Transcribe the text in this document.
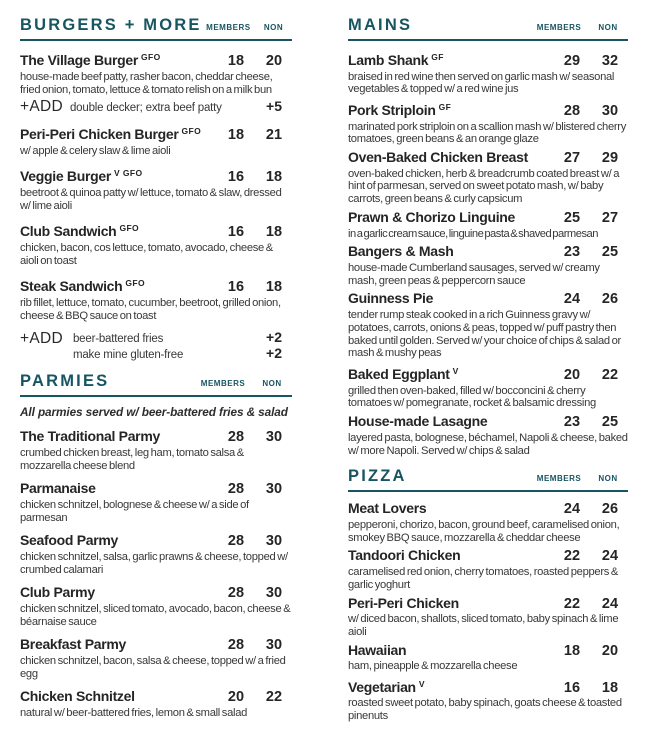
BURGERS + MORE MEMBERS	NON
The Village Burger $^{GFO}$	18	20
house-made beef patty, rasher bacon, cheddar cheese, fried onion, tomato, lettuce & tomato relish on a milk bun
+ADD double decker; extra beef patty	+5
Peri-Peri Chicken Burger $^{GFO}$	18	21
w/ apple & celery slaw & lime aioli
Veggie Burger $^{V GFO}$	16	18
beetroot & quinoa patty w/ lettuce, tomato & slaw, dressed w/ lime aioli
Club Sandwich $^{GFO}$	16	18
chicken, bacon, cos lettuce, tomato, avocado, cheese & aioli on toast
Steak Sandwich $^{GFO}$	16	18
rib fillet, lettuce, tomato, cucumber, beetroot, grilled onion, cheese & BBQ sauce on toast
+ADD beer-battered fries	+2
make mine gluten-free	+2
PARMIES	MEMBERS	NON
All parmies served w/ beer-battered fries & salad
The Traditional Parmy	28	30
crumbed chicken breast, leg ham, tomato salsa & mozzarella cheese blend
Parmanaise	28	30
chicken schnitzel, bolognese & cheese w/ a side of parmesan
Seafood Parmy	28	30
chicken schnitzel, salsa, garlic prawns & cheese, topped w/ crumbed calamari
Club Parmy	28	30
chicken schnitzel, sliced tomato, avocado, bacon, cheese & béarnaise sauce
Breakfast Parmy	28	30
chicken schnitzel, bacon, salsa & cheese, topped w/ a fried egg
Chicken Schnitzel	20	22
natural w/ beer-battered fries, lemon & small salad
MAINS	MEMBERS	NON
Lamb Shank $^{GF}$	29	32
braised in red wine then served on garlic mash w/ seasonal vegetables & topped w/ a red wine jus
Pork Striploin $^{GF}$	28	30
marinated pork striploin on a scallion mash w/ blistered cherry tomatoes, green beans & an orange glaze
Oven-Baked Chicken Breast	27	29
oven-baked chicken, herb & breadcrumb coated breast w/ a hint of parmesan, served on sweet potato mash, w/ baby carrots, green beans & curly capsicum
Prawn & Chorizo Linguine	25	27
in a garlic cream sauce, linguine pasta & shaved parmesan
Bangers & Mash	23	25
house-made Cumberland sausages, served w/ creamy mash, green peas & peppercorn sauce
Guinness Pie	24	26
tender rump steak cooked in a rich Guinness gravy w/ potatoes, carrots, onions & peas, topped w/ puff pastry then baked until golden. Served w/ your choice of chips & salad or mash & mushy peas
Baked Eggplant $^V$	20	22
grilled then oven-baked, filled w/ bocconcini & cherry tomatoes w/ pomegranate, rocket & balsamic dressing
House-made Lasagne	23	25
layered pasta, bolognese, béchamel, Napoli & cheese, baked w/ more Napoli. Served w/ chips & salad
PIZZA	MEMBERS	NON
Meat Lovers	24	26
pepperoni, chorizo, bacon, ground beef, caramelised onion, smokey BBQ sauce, mozzarella & cheddar cheese
Tandoori Chicken	22	24
caramelised red onion, cherry tomatoes, roasted peppers & garlic yoghurt
Peri-Peri Chicken	22	24
w/ diced bacon, shallots, sliced tomato, baby spinach & lime aioli
Hawaiian	18	20
ham, pineapple & mozzarella cheese
Vegetarian $^V$	16	18
roasted sweet potato, baby spinach, goats cheese & toasted pinenuts
